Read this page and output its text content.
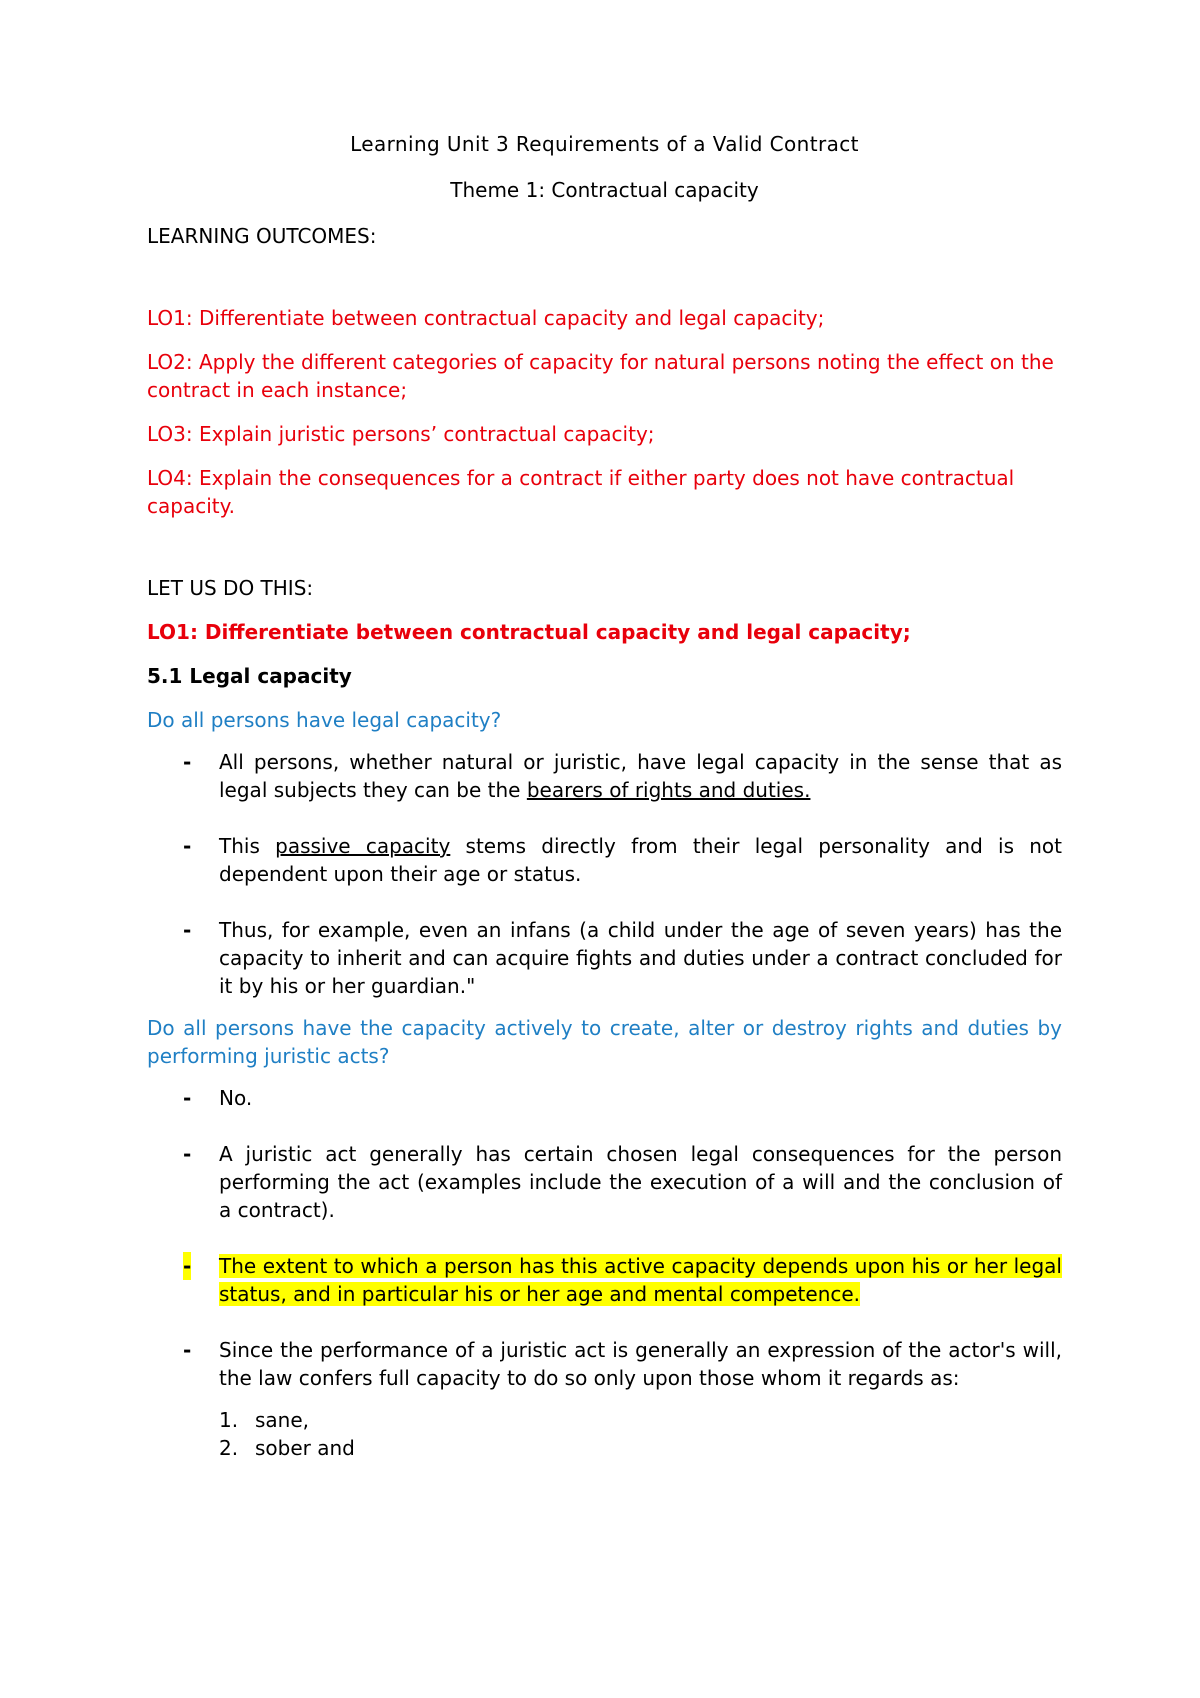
Learning Unit 3 Requirements of a Valid Contract

Theme 1: Contractual capacity

LEARNING OUTCOMES:

LO1: Differentiate between contractual capacity and legal capacity;

LO2: Apply the different categories of capacity for natural persons noting the effect on the contract in each instance;

LO3: Explain juristic persons’ contractual capacity;

LO4: Explain the consequences for a contract if either party does not have contractual capacity.

LET US DO THIS:

LO1: Differentiate between contractual capacity and legal capacity;

5.1 Legal capacity

Do all persons have legal capacity?

- All persons, whether natural or juristic, have legal capacity in the sense that as legal subjects they can be the bearers of rights and duties.
- This passive capacity stems directly from their legal personality and is not dependent upon their age or status.
- Thus, for example, even an infans (a child under the age of seven years) has the capacity to inherit and can acquire fights and duties under a contract concluded for it by his or her guardian."

Do all persons have the capacity actively to create, alter or destroy rights and duties by performing juristic acts?

- No.
- A juristic act generally has certain chosen legal consequences for the person performing the act (examples include the execution of a will and the conclusion of a contract).
- The extent to which a person has this active capacity depends upon his or her legal status, and in particular his or her age and mental competence.
- Since the performance of a juristic act is generally an expression of the actor's will, the law confers full capacity to do so only upon those whom it regards as:
1. sane,
2. sober and
